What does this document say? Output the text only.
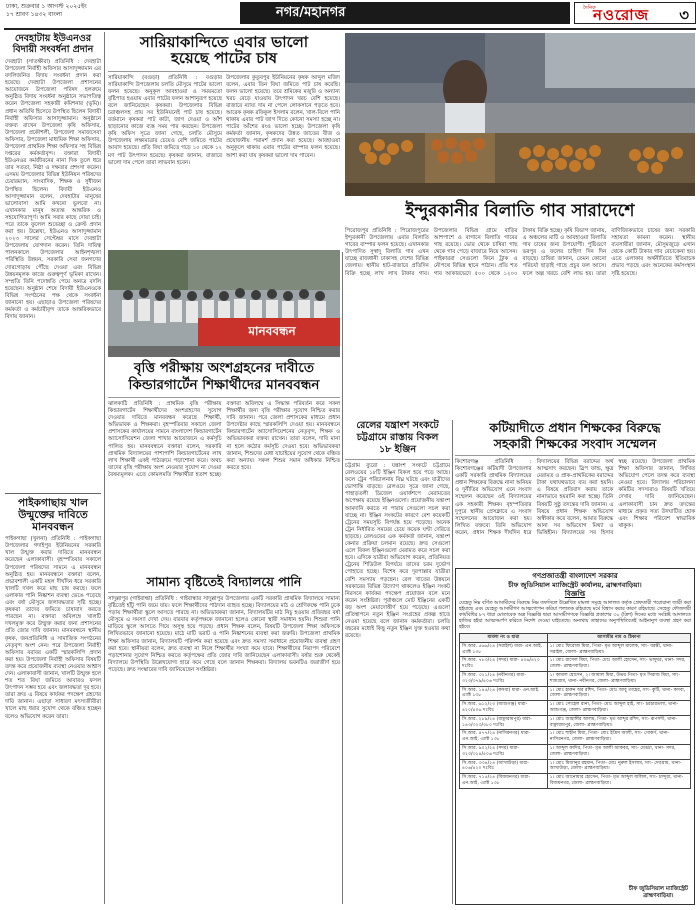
ঢাকা, শুক্রবার ১ আগস্ট ২০২৫ইং
১৭ শ্রাবণ ১৪৩২ বাংলা	নগর/মহানগর	দৈনিক
নওরোজ ৩
দেবহাটায় ইউএনওর বিদায়ী সংবর্ধনা প্রদান
দেবহাটা (সাতক্ষীরা) প্রতিনিধি : দেবহাটা উপজেলা নির্বাহী অফিসার আসাদুজ্জামান এর বদলিজনিত বিদায় সংবর্ধনা প্রদান করা হয়েছে। দেবহাটা উপজেলা প্রশাসনের আয়োজনে উপজেলা পরিষদ হলরুমে অনুষ্ঠিত বিদায় সংবর্ধনা অনুষ্ঠানে সভাপতিত্ব করেন উপজেলা সহকারী কমিশনার (ভূমি)। প্রধান অতিথি হিসেবে উপস্থিত ছিলেন বিদায়ী নির্বাহী অফিসার আসাদুজ্জামান। অনুষ্ঠানে বক্তব্য রাখেন উপজেলা কৃষি অফিসার, উপজেলা প্রকৌশলী, উপজেলা সমাজসেবা অফিসার, উপজেলা মাধ্যমিক শিক্ষা অফিসার, উপজেলা প্রাথমিক শিক্ষা অফিসার সহ বিভিন্ন দপ্তরের কর্মকর্তাবৃন্দ। বক্তারা বিদায়ী ইউএনওর কর্মজীবনের নানা দিক তুলে ধরে তার সততা, নিষ্ঠা ও দক্ষতার প্রশংসা করেন। এসময় উপজেলার বিভিন্ন ইউনিয়ন পরিষদের চেয়ারম্যান, সাংবাদিক, শিক্ষক ও সুধীজন উপস্থিত ছিলেন। বিদায়ী ইউএনও আসাদুজ্জামান বলেন, দেবহাটার মানুষের ভালোবাসা আমি কখনো ভুলবো না। এখানকার মানুষ অত্যন্ত আন্তরিক ও সহযোগিতাপূর্ণ। আমি সবার কাছে দোয়া চাই। পরে তাকে ফুলেল শুভেচ্ছা ও ক্রেস্ট প্রদান করা হয়। উল্লেখ্য, ইউএনও আসাদুজ্জামান ২০২৩ সালের সেপ্টেম্বর মাসে দেবহাটা উপজেলায় যোগদান করেন। তিনি দায়িত্ব পালনকালে উপজেলার আইনশৃঙ্খলা পরিস্থিতি উন্নয়ন, সরকারি সেবা জনগণের দোরগোড়ায় পৌঁছে দেওয়া এবং বিভিন্ন উন্নয়নমূলক কাজে গুরুত্বপূর্ণ ভূমিকা রাখেন। সম্প্রতি তিনি পদোন্নতি পেয়ে অন্যত্র বদলি হয়েছেন। অনুষ্ঠান শেষে বিদায়ী ইউএনওকে বিভিন্ন সংগঠনের পক্ষ থেকে সংবর্ধনা জানানো হয়। এছাড়াও উপজেলা পরিষদের কর্মকর্তা ও কর্মচারীবৃন্দ তাকে আন্তরিকভাবে বিদায় জানান।
পাইকগাছায় খাল উন্মুক্তের দাবিতে মানববন্ধন
পাইকগাছা (খুলনা) প্রতিনিধি : পাইকগাছা উপজেলার গদাইপুর ইউনিয়নের সরকারি খাল উন্মুক্ত করার দাবিতে মানববন্ধন করেছেন এলাকাবাসী। বৃহস্পতিবার সকালে উপজেলা পরিষদের সামনে এ মানববন্ধন অনুষ্ঠিত হয়। মানববন্ধনে বক্তারা বলেন, প্রভাবশালী একটি মহল দীর্ঘদিন ধরে সরকারি খালটি দখল করে মাছ চাষ করছে। ফলে এলাকার পানি নিষ্কাশন ব্যবস্থা ভেঙে পড়েছে এবং বর্ষা মৌসুমে জলাবদ্ধতার সৃষ্টি হচ্ছে। কৃষকরা তাদের জমিতে চাষাবাদ করতে পারছেন না। বক্তারা অবিলম্বে খালটি দখলমুক্ত করে উন্মুক্ত করার জন্য প্রশাসনের প্রতি জোর দাবি জানান। মানববন্ধনে স্থানীয় কৃষক, জনপ্রতিনিধি ও সামাজিক সংগঠনের নেতৃবৃন্দ অংশ নেন। পরে উপজেলা নির্বাহী অফিসার বরাবর একটি স্মারকলিপি প্রদান করা হয়। উপজেলা নির্বাহী অফিসার বিষয়টি তদন্ত করে প্রয়োজনীয় ব্যবস্থা নেওয়ার আশ্বাস দেন। এলাকাবাসী জানান, খালটি উন্মুক্ত হলে শত শত বিঘা জমিতে আবারও ফসল উৎপাদন সম্ভব হবে এবং জলাবদ্ধতা দূর হবে। তারা দ্রুত এ বিষয়ে কার্যকর পদক্ষেপ গ্রহণের দাবি জানান। এছাড়া সাধারণ মৎস্যজীবীরা খালে মাছ ধরার সুযোগ থেকে বঞ্চিত হচ্ছেন বলেও অভিযোগ করেন তারা।
সারিয়াকান্দিতে এবার ভালো
হয়েছে পাটের চাষ
সারিয়াকান্দি (বগুড়া) প্রতিনিধি : বগুড়ার সারিয়াকান্দি উপজেলায় চলতি মৌসুমে পাটের ভালো ফলন হয়েছে। অনুকূল আবহাওয়া ও সময়মতো বৃষ্টিপাত হওয়ায় এবার পাটের ফলন আশানুরূপ হয়েছে বলে জানিয়েছেন কৃষকরা। উপজেলার বিভিন্ন চরাঞ্চলসহ প্রায় সব ইউনিয়নেই পাট চাষ হয়েছে। বর্তমানে কৃষকরা পাট কাটা, জাগ দেওয়া ও আঁশ ছাড়ানোর কাজে ব্যস্ত সময় পার করছেন। উপজেলা কৃষি অফিস সূত্রে জানা গেছে, চলতি মৌসুমে উপজেলায় লক্ষ্যমাত্রার চেয়েও বেশি জমিতে পাটের আবাদ হয়েছে। প্রতি বিঘা জমিতে গড়ে ১০ থেকে ১২ মণ পাট উৎপাদন হয়েছে। কৃষকরা জানান, বাজারে ভালো দাম পেলে তারা লাভবান হবেন।
উপজেলার কুতুবপুর ইউনিয়নের কৃষক আব্দুল মজিদ বলেন, এবার তিন বিঘা জমিতে পাট চাষ করেছি। ফলন ভালো হয়েছে। তবে শ্রমিকের মজুরি ও অন্যান্য খরচ বেড়ে যাওয়ায় উৎপাদন খরচ বেশি হয়েছে। বাজারে ন্যায্য দাম না পেলে লোকসানে পড়তে হবে। আরেক কৃষক রফিকুল ইসলাম বলেন, খাল-বিলে পানি থাকায় এবার পাট জাগ দিতে কোনো সমস্যা হচ্ছে না। পাটের আঁশের রংও ভালো হচ্ছে। উপজেলা কৃষি কর্মকর্তা জানান, কৃষকদের উন্নত জাতের বীজ ও প্রয়োজনীয় পরামর্শ প্রদান করা হয়েছে। আবহাওয়া অনুকূলে থাকায় এবার পাটের বাম্পার ফলন হয়েছে। আশা করা যায় কৃষকরা ভালো দাম পাবেন।
ইন্দুরকানীর বিলাতি গাব সারাদেশে
মানববন্ধন
বৃত্তি পরীক্ষায় অংশগ্রহনের দাবীতে
কিন্ডারগার্টেন শিক্ষার্থীদের মানববন্ধন
ঝালকাঠি প্রতিনিধি : প্রাথমিক বৃত্তি পরীক্ষায় কিন্ডারগার্টেন শিক্ষার্থীদের অংশগ্রহণের সুযোগ দেওয়ার দাবিতে মানববন্ধন করেছে শিক্ষার্থী, অভিভাবক ও শিক্ষকরা। বৃহস্পতিবার সকালে জেলা প্রশাসকের কার্যালয়ের সামনে বাংলাদেশ কিন্ডারগার্টেন অ্যাসোসিয়েশন জেলা শাখার আয়োজনে এ কর্মসূচি পালিত হয়। মানববন্ধনে বক্তারা বলেন, সরকারি প্রাথমিক বিদ্যালয়ের পাশাপাশি কিন্ডারগার্টেনের লাখ লাখ শিক্ষার্থী একই পাঠ্যক্রমে পড়াশোনা করে। অথচ তাদের বৃত্তি পরীক্ষায় অংশ নেওয়ার সুযোগ না দেওয়া বৈষম্যমূলক। এতে কোমলমতি শিক্ষার্থীরা হতাশ হচ্ছে। বক্তারা অবিলম্বে এ সিদ্ধান্ত পরিবর্তন করে সকল শিক্ষার্থীর জন্য বৃত্তি পরীক্ষার সুযোগ নিশ্চিত করার দাবি জানান। পরে জেলা প্রশাসকের মাধ্যমে প্রধান উপদেষ্টার কাছে স্মারকলিপি দেওয়া হয়। মানববন্ধনে কিন্ডারগার্টেন অ্যাসোসিয়েশনের নেতৃবৃন্দ, শিক্ষক ও অভিভাবকরা বক্তব্য রাখেন। তারা বলেন, দাবি মানা না হলে কঠোর কর্মসূচি দেওয়া হবে। অভিভাবকরা জানান, শিশুদের মেধা যাচাইয়ের সুযোগ থেকে বঞ্চিত করা অন্যায়। সকল শিশুর সমান অধিকার নিশ্চিত করতে হবে।
সামান্য বৃষ্টিতেই বিদ্যালয়ে পানি
সাদুল্লাপুর (গাইবান্ধা) প্রতিনিধি : গাইবান্ধার সাদুল্লাপুর উপজেলার একটি সরকারি প্রাথমিক বিদ্যালয়ে সামান্য বৃষ্টিতেই হাঁটু পানি জমে যায়। ফলে শিক্ষার্থীদের পাঠদান ব্যাহত হচ্ছে। বিদ্যালয়ের মাঠ ও শ্রেণিকক্ষে পানি ঢুকে পড়ায় শিক্ষার্থীরা স্কুলে আসতে পারছে না। অভিভাবকরা জানান, বিদ্যালয়টির মাঠ নিচু হওয়ায় প্রতিবছর বর্ষা মৌসুমে এ সমস্যা দেখা দেয়। বারবার কর্তৃপক্ষকে জানানো হলেও কোনো স্থায়ী সমাধান হয়নি। শিশুরা পানি মাড়িয়ে স্কুলে আসতে গিয়ে অসুস্থ হয়ে পড়ছে। প্রধান শিক্ষক বলেন, বিষয়টি উপজেলা শিক্ষা অফিসকে লিখিতভাবে জানানো হয়েছে। মাঠে মাটি ভরাট ও পানি নিষ্কাশনের ব্যবস্থা করা জরুরি। উপজেলা প্রাথমিক শিক্ষা অফিসার জানান, বিদ্যালয়টি পরিদর্শন করা হয়েছে এবং দ্রুত সমস্যা সমাধানে প্রয়োজনীয় ব্যবস্থা গ্রহণ করা হবে। স্থানীয়রা বলেন, দ্রুত ব্যবস্থা না নিলে শিক্ষার্থীর সংখ্যা কমে যাবে। শিক্ষার্থীদের নিরাপদ পরিবেশে পড়াশোনার সুযোগ নিশ্চিত করতে কর্তৃপক্ষের প্রতি জোর দাবি জানিয়েছেন এলাকাবাসী। বর্ষার শুরু থেকেই বিদ্যালয়ে উপস্থিতি উল্লেখযোগ্য হারে কমে গেছে বলে জানান শিক্ষকরা। বিদ্যালয় ভবনটিও জরাজীর্ণ হয়ে পড়েছে। দ্রুত সংস্কারের দাবি জানিয়েছেন সংশ্লিষ্টরা।
পিরোজপুর প্রতিনিধি : পিরোজপুরের ইন্দুরকানী উপজেলায় এবার বিলাতি গাবের বাম্পার ফলন হয়েছে। এখানকার উৎপাদিত সুস্বাদু বিলাতি গাব এখন যাচ্ছে রাজধানী ঢাকাসহ দেশের বিভিন্ন জেলায়। স্থানীয় হাট-বাজারে প্রতিদিন বিক্রি হচ্ছে লাখ লাখ টাকার গাব। উপজেলার বিভিন্ন গ্রামে বাড়ির আশপাশে ও বাগানে বিলাতি গাবের গাছ রয়েছে। ভোর থেকে চাষিরা গাছ থেকে গাব পেড়ে বাজারে নিয়ে আসেন। পাইকাররা সেগুলো কিনে ট্রাক ও নৌপথে বিভিন্ন স্থানে পাঠান। প্রতি শত গাব আকারভেদে ৫০০ থেকে ১২০০ টাকায় বিক্রি হচ্ছে। কৃষি বিভাগ জানায়, এ অঞ্চলের মাটি ও আবহাওয়া বিলাতি গাব চাষের জন্য উপযোগী। পুষ্টিগুণে ভরপুর এ ফলের চাহিদা দিন দিন বাড়ছে। চাষিরা জানান, তেমন কোনো পরিচর্যা ছাড়াই গাছে প্রচুর ফল আসে। ফলে অল্প খরচে বেশি লাভ হয়। তারা বাণিজ্যিকভাবে চাষের জন্য সরকারি সহায়তা কামনা করেন। স্থানীয় ব্যবসায়ীরা জানান, মৌসুমজুড়ে এখান থেকে কোটি টাকার গাব বেচাকেনা হয়। এতে এলাকার অর্থনীতিতে ইতিবাচক প্রভাব পড়ছে এবং অনেকের কর্মসংস্থান সৃষ্টি হয়েছে।
রেলের যন্ত্রাংশ সংকটে
চট্টগ্রামে রাস্তায় বিকল
১৮ ইঞ্জিন
চট্টগ্রাম ব্যুরো : যন্ত্রাংশ সংকটে চট্টগ্রামে রেলওয়ের ১৮টি ইঞ্জিন বিকল হয়ে পড়ে আছে। ফলে ট্রেন পরিচালনায় বিঘ্ন ঘটছে এবং যাত্রীদের ভোগান্তি বাড়ছে। রেলওয়ে সূত্রে জানা গেছে, পাহাড়তলী ডিজেল ওয়ার্কশপে মেরামতের অপেক্ষায় রয়েছে ইঞ্জিনগুলো। প্রয়োজনীয় যন্ত্রাংশ আমদানি করতে না পারায় সেগুলো সচল করা যাচ্ছে না। ইঞ্জিন সংকটের কারণে বেশ কয়েকটি ট্রেনের সময়সূচি বিপর্যস্ত হয়ে পড়েছে। অনেক ট্রেন নির্ধারিত সময়ের চেয়ে কয়েক ঘণ্টা দেরিতে ছাড়ছে। রেলওয়ের এক কর্মকর্তা জানান, যন্ত্রাংশ কেনার প্রক্রিয়া চলমান রয়েছে। দ্রুত সেগুলো এলে বিকল ইঞ্জিনগুলো মেরামত করে সচল করা হবে। এদিকে যাত্রীরা অভিযোগ করেন, প্রতিনিয়ত ট্রেনের শিডিউল বিপর্যয়ে তাদের চরম দুর্ভোগ পোহাতে হচ্ছে। বিশেষ করে দূরপাল্লার যাত্রীরা বেশি সমস্যায় পড়ছেন। রেল খাতের উন্নয়নে সরকারের বিভিন্ন উদ্যোগ থাকলেও ইঞ্জিন সংকট নিরসনে কার্যকর পদক্ষেপ প্রয়োজন বলে মনে করেন সংশ্লিষ্টরা। পূর্বাঞ্চলে মোট ইঞ্জিনের একটি বড় অংশ মেয়াদোত্তীর্ণ হয়ে পড়েছে। এগুলো প্রতিস্থাপনে নতুন ইঞ্জিন সংগ্রহের প্রকল্প হাতে নেওয়া হয়েছে বলে জানান কর্মকর্তারা। চলতি বছরের মধ্যেই কিছু নতুন ইঞ্জিন যুক্ত হওয়ার কথা রয়েছে।
কটিয়াদীতে প্রধান শিক্ষকের বিরুদ্ধে
সহকারী শিক্ষকের সংবাদ সম্মেলন
কিশোরগঞ্জ প্রতিনিধি : কিশোরগঞ্জের কটিয়াদী উপজেলার একটি সরকারি প্রাথমিক বিদ্যালয়ের প্রধান শিক্ষকের বিরুদ্ধে নানা অনিয়ম ও দুর্নীতির অভিযোগ এনে সংবাদ সম্মেলন করেছেন ওই বিদ্যালয়ের এক সহকারী শিক্ষক। বৃহস্পতিবার দুপুরে স্থানীয় প্রেসক্লাবে এ সংবাদ সম্মেলনের আয়োজন করা হয়। লিখিত বক্তব্যে তিনি অভিযোগ করেন, প্রধান শিক্ষক দীর্ঘদিন ধরে বিদ্যালয়ের বিভিন্ন বরাদ্দের অর্থ আত্মসাৎ করছেন। স্লিপ ফান্ড, ক্ষুদ্র মেরামত ও প্রাক-প্রাথমিকের বরাদ্দের টাকা যথাযথভাবে ব্যয় করা হয়নি। এ বিষয়ে প্রতিবাদ করায় তাকে নানাভাবে হয়রানি করা হচ্ছে। তিনি বিষয়টি সুষ্ঠু তদন্তের দাবি জানান। এ বিষয়ে প্রধান শিক্ষক অভিযোগ অস্বীকার করে বলেন, আমার বিরুদ্ধে আনা সব অভিযোগ মিথ্যা ও ভিত্তিহীন। বিদ্যালয়ের সব হিসাব স্বচ্ছ রয়েছে। উপজেলা প্রাথমিক শিক্ষা অফিসার জানান, লিখিত অভিযোগ পেলে তদন্ত করে ব্যবস্থা নেওয়া হবে। বিদ্যালয় পরিচালনা কমিটির সদস্যরাও বিষয়টি খতিয়ে দেখার দাবি জানিয়েছেন। এলাকাবাসী চান দ্রুত তদন্তের মাধ্যমে প্রকৃত সত্য উদঘাটিত হোক এবং শিক্ষার পরিবেশ স্বাভাবিক থাকুক।
গণপ্রজাতন্ত্রী বাংলাদেশ সরকার
চীফ জুডিসিয়াল ম্যাজিস্ট্রেট কার্যালয়, ব্রাহ্মণবাড়িয়া।
বিজ্ঞপ্তি
যেহেতু নিম্ন বর্ণিত আসামীদের বিরুদ্ধে নিম্ন তফসিলে উল্লেখিত মামলা সমূহে আদালত কর্তৃক গ্রেফতারী পরোয়ানা জারী করা হইয়াছে এবং যেহেতু আসামীগণ আত্মগোপন করিয়া পলাতক রহিয়াছে মর্মে বিশ্বাস করার কারণ রহিয়াছে। সেহেতু ফৌজদারী কার্যবিধির ৮৭ ধারা মোতাবেক অত্র বিজ্ঞপ্তি দ্বারা আসামীগণকে বিজ্ঞপ্তি প্রকাশের ৩০ (ত্রিশ) দিনের মধ্যে সংশ্লিষ্ট আদালতে হাজির হইয়া আত্মসমর্পণ করিতে নির্দেশ দেওয়া যাইতেছে। অন্যথায় তাহাদের অনুপস্থিতিতেই আইনানুগ ব্যবস্থা গ্রহণ করা হইবে।
মামলা নং ও ধারা	আসামীর নাম ও ঠিকানা
সি.আর. ৫৬৬/২৪ (সরাইল) ধারা- এন.আই. এ্যাক্ট ১৩৮	১। মোঃ ফিরোজ মিয়া, পিতা- মৃত আব্দুল মালেক, সাং- ধরন্তী, থানা- সরাইল, জেলা- ব্রাহ্মণবাড়িয়া।
সি.আর. ৭৮৩/২৪ (সদর) ধারা- ৪০৬/৪২০ দঃবিঃ	১। মোঃ রাসেল মিয়া, পিতা- মোঃ আলী হোসেন, সাং- ভাদুঘর, থানা- সদর, জেলা- ব্রাহ্মণবাড়িয়া।
সি.আর. ৩২১/২৪ (নবীনগর) ধারা- ৩২৩/৩৭৯/৫০৬ দঃবিঃ	১। কামাল হোসেন, ২। জামাল মিয়া, উভয় পিতা- মৃত সিরাজ মিয়া, সাং- শ্যামগ্রাম, থানা- নবীনগর, জেলা- ব্রাহ্মণবাড়িয়া।
সি.আর. ১৪৫/২৪ (কসবা) ধারা- এন.আই. এ্যাক্ট ১৩৮	১। মোঃ হারুন অর রশিদ, পিতা- মোঃ আবু তাহের, সাং- কুটি, থানা- কসবা, জেলা- ব্রাহ্মণবাড়িয়া।
সি.আর. ৬১২/২৩ (আশুগঞ্জ) ধারা- ৪২০/৪০৬ দঃবিঃ	১। মোঃ সোহেল রানা, পিতা- মোঃ আব্দুল হাই, সাং- চরচারতলা, থানা- আশুগঞ্জ, জেলা- ব্রাহ্মণবাড়িয়া।
সি.আর. ২৮৯/২৪ (বাঞ্ছারামপুর) ধারা- ১৪৩/৩২৩/৩৮০ দঃবিঃ	১। মোঃ জাহাঙ্গীর আলম, পিতা- মৃত আব্দুর রশিদ, সাং- রূপসদী, থানা- বাঞ্ছারামপুর, জেলা- ব্রাহ্মণবাড়িয়া।
সি.আর. ৪৭৭/২৪ (নাসিরনগর) ধারা- এন.আই. এ্যাক্ট ১৩৮	১। মোঃ শাহীন মিয়া, পিতা- মোঃ ইদ্রিস আলী, সাং- গোকর্ণ, থানা- নাসিরনগর, জেলা- ব্রাহ্মণবাড়িয়া।
সি.আর. ৯০২/২৪ (সদর) ধারা- ৩২৩/৩২৪/৫০৬ দঃবিঃ	১। আব্দুল কাদির, পিতা- মৃত আলী আকবর, সাং- মেড্ডা, থানা- সদর, জেলা- ব্রাহ্মণবাড়িয়া।
সি.আর. ৩৩৪/২৪ (আখাউড়া) ধারা- ৪০৬/৪২০ দঃবিঃ	১। মোঃ মিজানুর রহমান, পিতা- মোঃ নুরুল ইসলাম, সাং- দেবগ্রাম, থানা- আখাউড়া, জেলা- ব্রাহ্মণবাড়িয়া।
সি.আর. ৭১৫/২৪ (বিজয়নগর) ধারা- এন.আই. এ্যাক্ট ১৩৮	১। মোঃ আনোয়ার হোসেন, পিতা- মৃত আব্দুল জলিল, সাং- চান্দুরা, থানা- বিজয়নগর, জেলা- ব্রাহ্মণবাড়িয়া।
চীফ জুডিসিয়াল ম্যাজিস্ট্রেট
ব্রাহ্মণবাড়িয়া।
